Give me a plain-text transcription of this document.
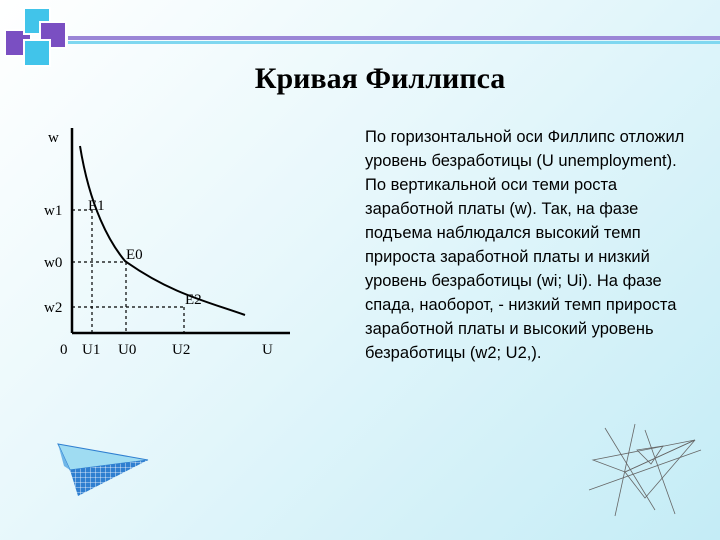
Кривая Филлипса
w
U
0
w1
w0
w2
U1 U0 U2
E1
E0
E2

По горизонтальной оси Филлипс отложил уровень безработицы (U unemployment). По вертикальной оси теми роста заработной платы (w). Так, на фазе подъема наблюдался высокий темп прироста заработной платы и низкий уровень безработицы (wi; Ui). На фазе спада, наоборот, - низкий темп прироста заработной платы и высокий уровень безработицы (w2; U2,).
